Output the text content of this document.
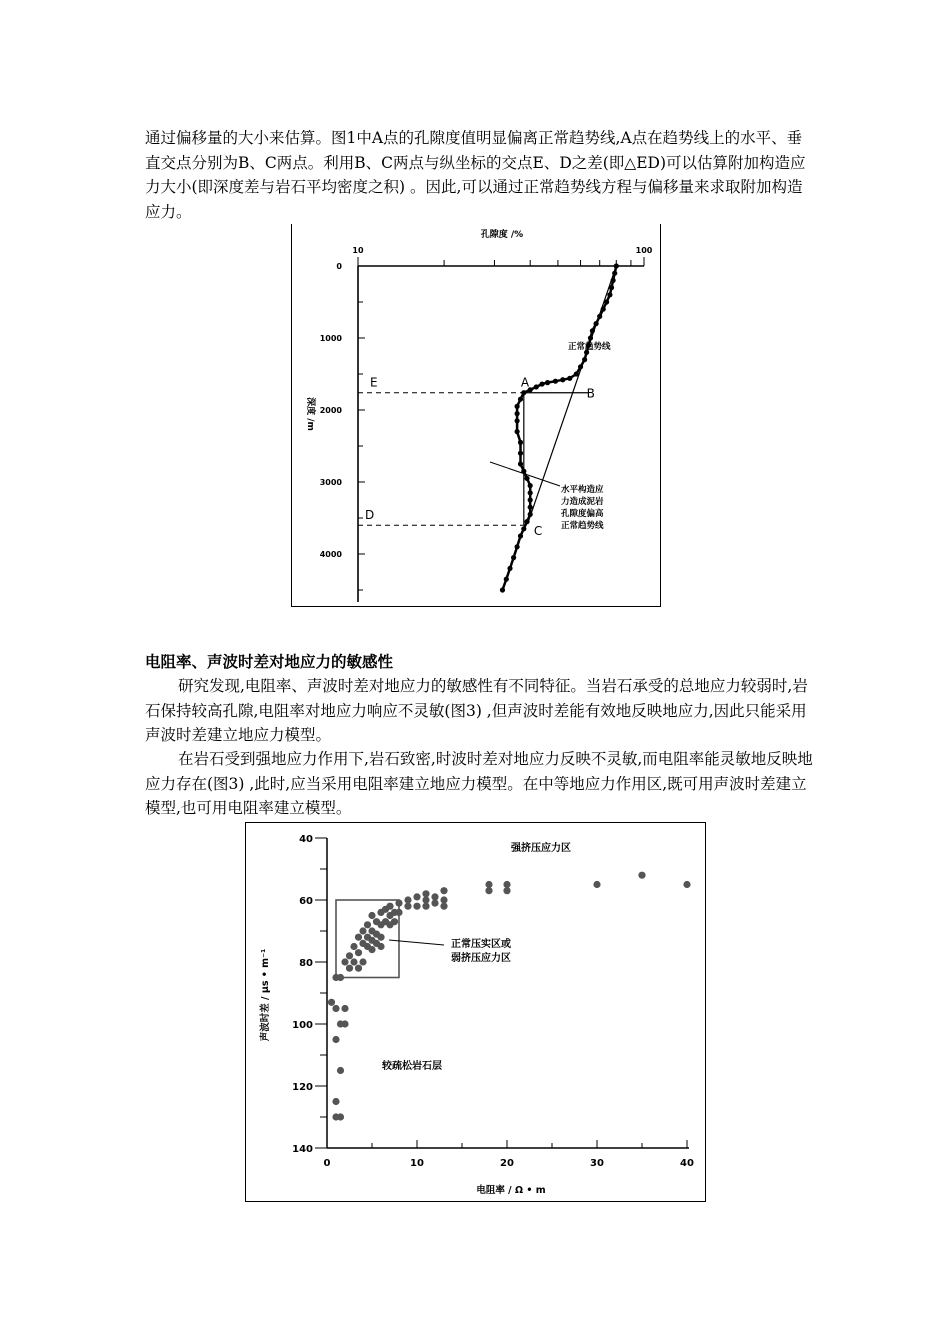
通过偏移量的大小来估算。图1中A点的孔隙度值明显偏离正常趋势线,A点在趋势线上的水平、垂直交点分别为B、C两点。利用B、C两点与纵坐标的交点E、D之差(即△ED)可以估算附加构造应力大小(即深度差与岩石平均密度之积) 。因此,可以通过正常趋势线方程与偏移量来求取附加构造应力。

孔隙度 /%
深度 /m
10	100
0
1000
2000
3000
4000
E
D
A
B
C
正常趋势线
水平构造应
力造成泥岩
孔隙度偏高
正常趋势线

电阻率、声波时差对地应力的敏感性

研究发现,电阻率、声波时差对地应力的敏感性有不同特征。当岩石承受的总地应力较弱时,岩石保持较高孔隙,电阻率对地应力响应不灵敏(图3) ,但声波时差能有效地反映地应力,因此只能采用声波时差建立地应力模型。

在岩石受到强地应力作用下,岩石致密,时波时差对地应力反映不灵敏,而电阻率能灵敏地反映地应力存在(图3) ,此时,应当采用电阻率建立地应力模型。在中等地应力作用区,既可用声波时差建立模型,也可用电阻率建立模型。

40
60
80
100
120
140
0	10	20	30	40
电阻率 / Ω • m
声波时差 / μs • m⁻¹
强挤压应力区
正常压实区或
弱挤压应力区
较疏松岩石层
